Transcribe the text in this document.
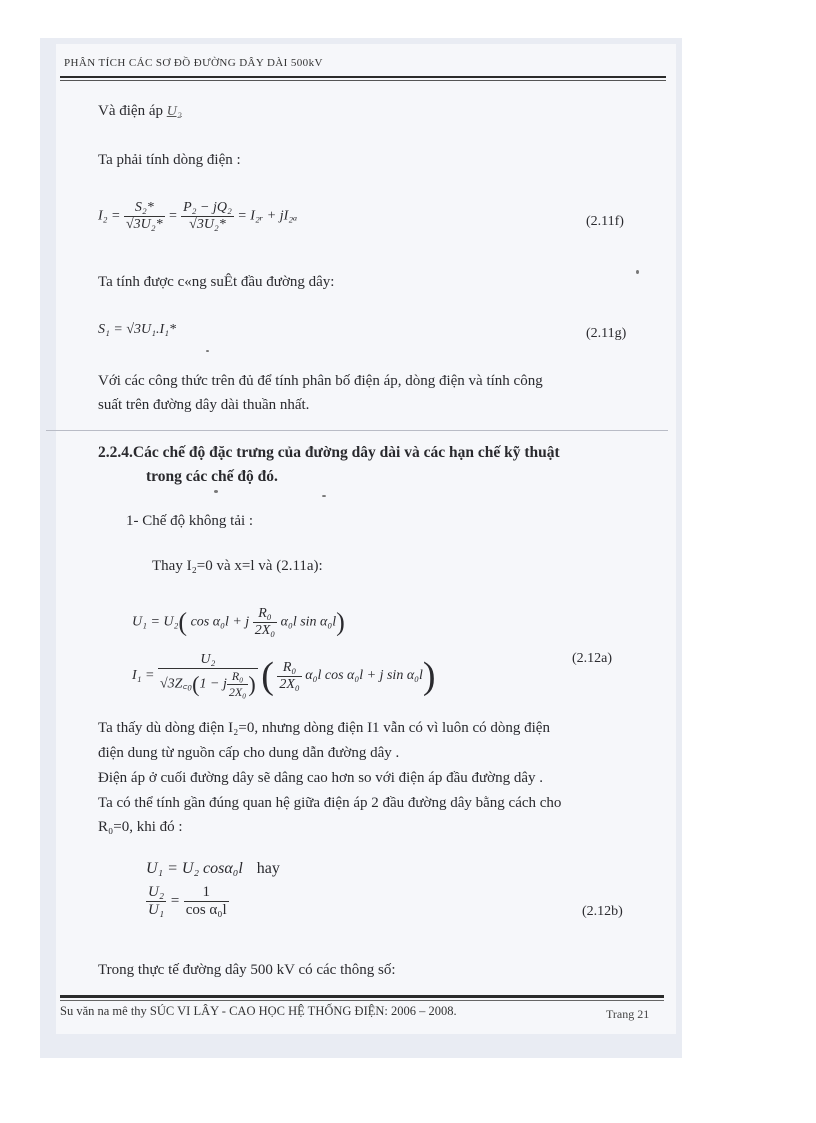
PHÂN TÍCH CÁC SƠ ĐỒ ĐƯỜNG DÂY DÀI 500kV
Và điện áp U₂
Ta phải tính dòng điện :
$I_2 = \frac{\text{S₂*}}{\text{√3U₂*}} = \frac{\text{P₂ − jQ₂}}{\text{√3U₂*}}$ = I₂ᵣ + jI₂ₐ	(2.11f)
Ta tính được c«ng suÊt đầu đường dây:
S₁ = √3U₁.I₁*	(2.11g)
Với các công thức trên đủ để tính phân bố điện áp, dòng điện và tính công
suất trên đường dây dài thuần nhất.
2.2.4.Các chế độ đặc trưng của đường dây dài và các hạn chế kỹ thuật
trong các chế độ đó.
1- Chế độ không tải :
Thay I₂=0 và x=l và (2.11a):
U₁ = U₂( cos α₀l + j $\frac{\text{R₀}}{\text{2X₀}} \alpha_0l$ sin α₀l)
$I_1 = \frac{\text{U₂}}{√3Z꜀_0(1 - j \frac{\text{R₀}}{\text{2X₀}} )}$ ( $\frac{\text{R₀}}{\text{2X₀}} \alpha_0l$ cos α₀l + j sin α₀l)	(2.12a)
Ta thấy dù dòng điện I₂=0, nhưng dòng điện I1 vẫn có vì luôn có dòng điện
điện dung từ nguồn cấp cho dung dẫn đường dây .
Điện áp ở cuối đường dây sẽ dâng cao hơn so với điện áp đầu đường dây .
Ta có thể tính gần đúng quan hệ giữa điện áp 2 đầu đường dây bằng cách cho
R₀=0, khi đó :
U₁ = U₂ cosα₀l hay
$\frac{\text{U₂}}{\text{U₁}} = \frac{1}{\text{cos α₀l}}$	(2.12b)
Trong thực tế đường dây 500 kV có các thông số:
Su văn na mê thy SÚC VI LÂY - CAO HỌC HỆ THỐNG ĐIỆN: 2006 – 2008.	Trang 21
